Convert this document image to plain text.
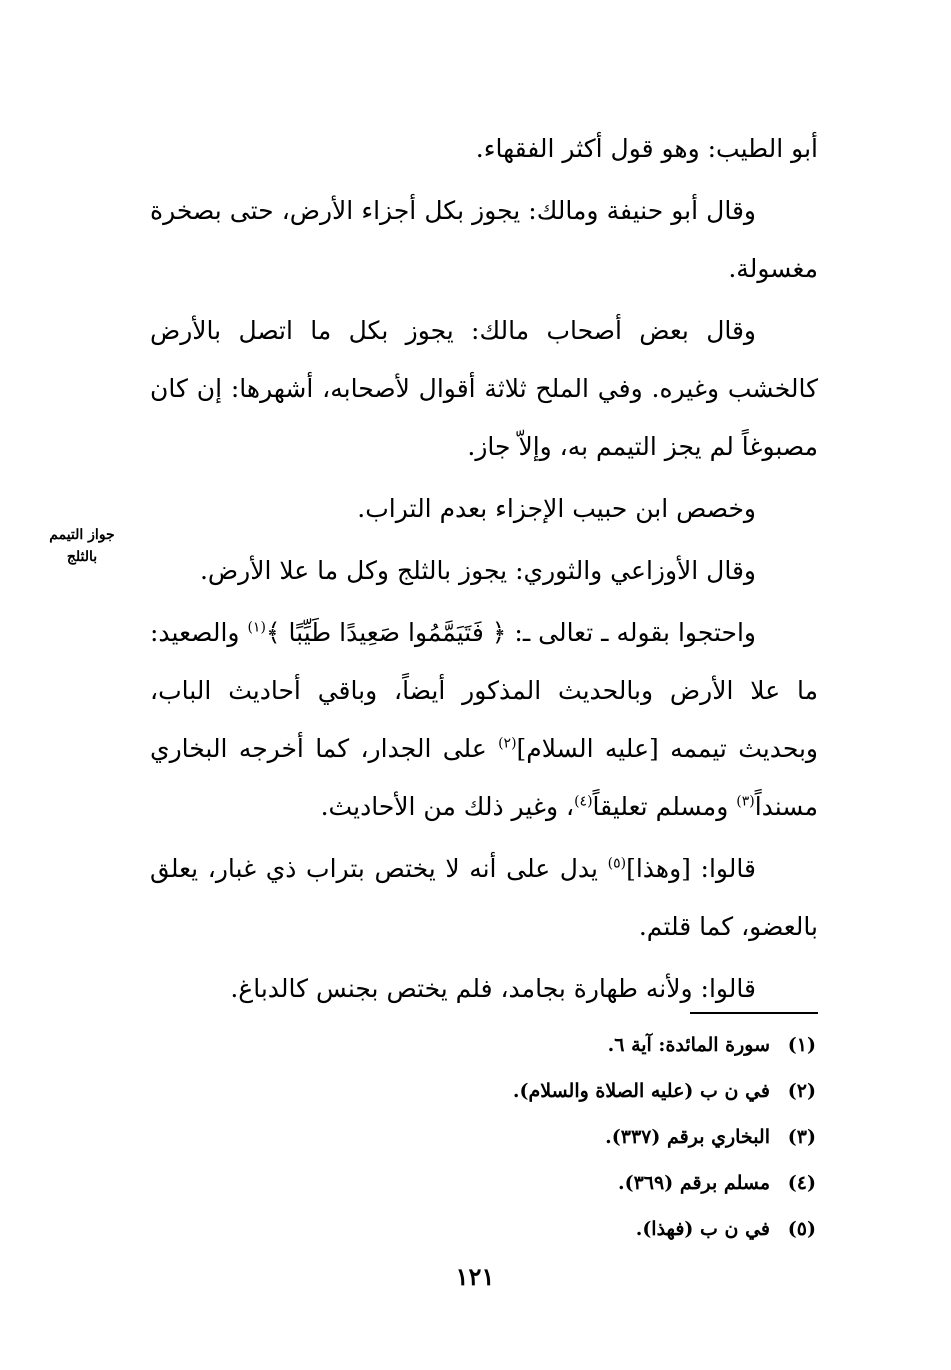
أبو الطيب: وهو قول أكثر الفقهاء.

وقال أبو حنيفة ومالك: يجوز بكل أجزاء الأرض، حتى بصخرة مغسولة.

وقال بعض أصحاب مالك: يجوز بكل ما اتصل بالأرض كالخشب وغيره. وفي الملح ثلاثة أقوال لأصحابه، أشهرها: إن كان مصبوغاً لم يجز التيمم به، وإلاّ جاز.

وخصص ابن حبيب الإجزاء بعدم التراب.

وقال الأوزاعي والثوري: يجوز بالثلج وكل ما علا الأرض.

واحتجوا بقوله ـ تعالى ـ: ﴿ فَتَيَمَّمُوا صَعِيدًا طَيِّبًا ﴾$^{(١)}$ والصعيد: ما علا الأرض وبالحديث المذكور أيضاً، وباقي أحاديث الباب، وبحديث تيممه [عليه السلام]$^{(٢)}$ على الجدار، كما أخرجه البخاري مسنداً$^{(٣)}$ ومسلم تعليقاً$^{(٤)}$، وغير ذلك من الأحاديث.

قالوا: [وهذا]$^{(٥)}$ يدل على أنه لا يختص بتراب ذي غبار، يعلق بالعضو، كما قلتم.

قالوا: ولأنه طهارة بجامد، فلم يختص بجنس كالدباغ.

جواز التيمم بالثلج
(١)سورة المائدة: آية ٦.
(٢)في ن ب (عليه الصلاة والسلام).
(٣)البخاري برقم (٣٣٧).
(٤)مسلم برقم (٣٦٩).
(٥)في ن ب (فهذا).
١٢١
